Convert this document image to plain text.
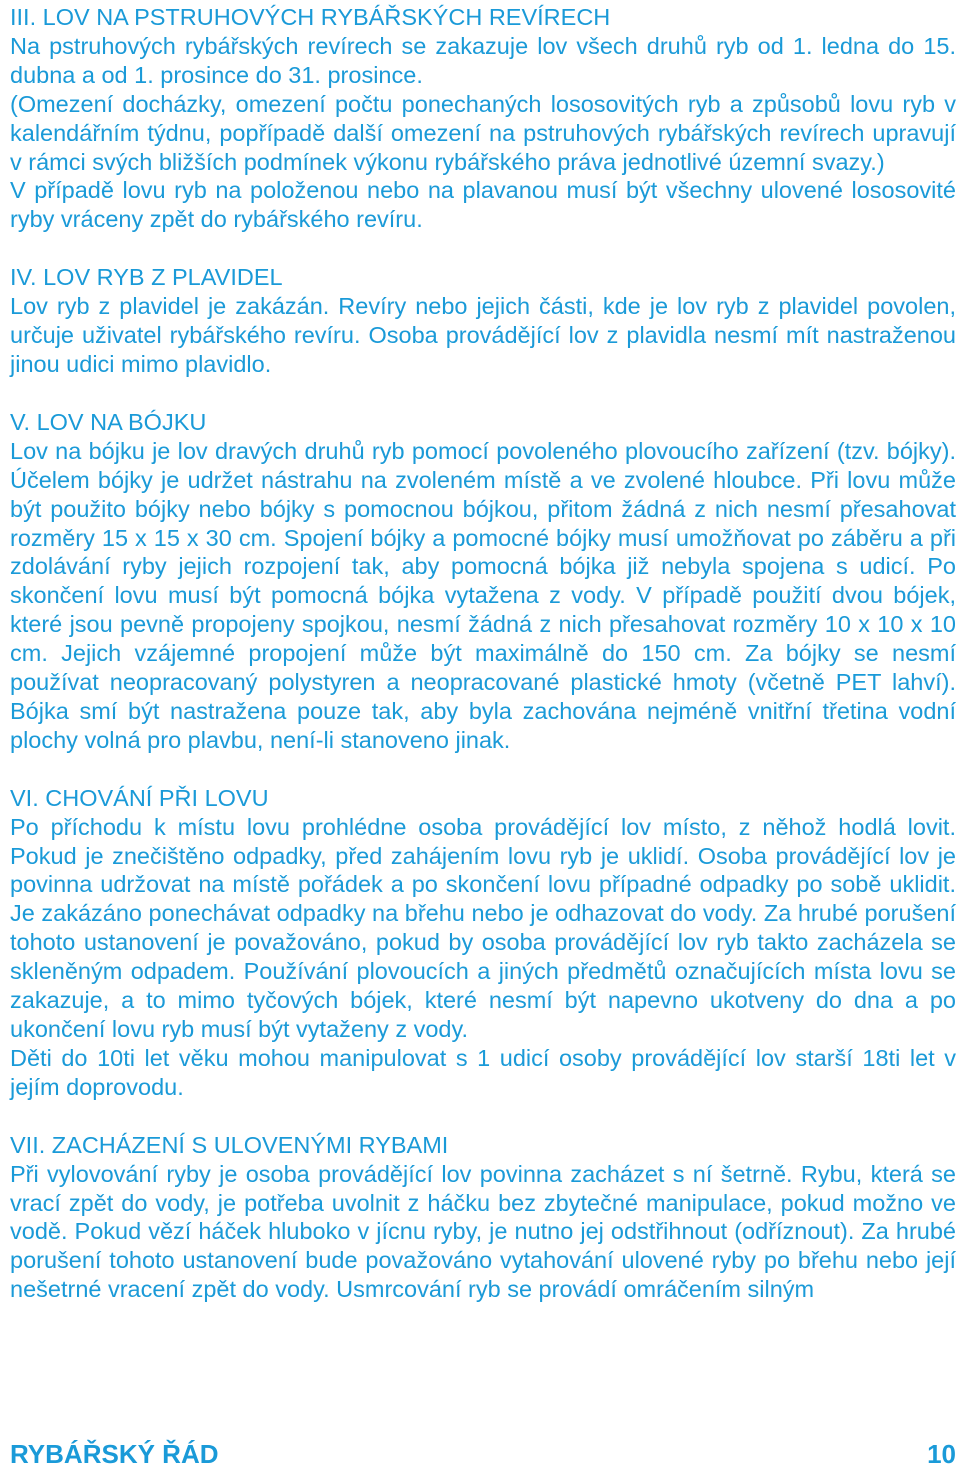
III. LOV NA PSTRUHOVÝCH RYBÁŘSKÝCH REVÍRECH

Na pstruhových rybářských revírech se zakazuje lov všech druhů ryb od 1. ledna do 15. dubna a od 1. prosince do 31. prosince.

(Omezení docházky, omezení počtu ponechaných lososovitých ryb a způsobů lovu ryb v kalendářním týdnu, popřípadě další omezení na pstruhových rybářských revírech upravují v rámci svých bližších podmínek výkonu rybářského práva jednotlivé územní svazy.)

V případě lovu ryb na položenou nebo na plavanou musí být všechny ulovené lososovité ryby vráceny zpět do rybářského revíru.

IV. LOV RYB Z PLAVIDEL

Lov ryb z plavidel je zakázán. Revíry nebo jejich části, kde je lov ryb z plavidel povolen, určuje uživatel rybářského revíru. Osoba provádějící lov z plavidla nesmí mít nastraženou jinou udici mimo plavidlo.

V. LOV NA BÓJKU

Lov na bójku je lov dravých druhů ryb pomocí povoleného plovoucího zařízení (tzv. bójky). Účelem bójky je udržet nástrahu na zvoleném místě a ve zvolené hloubce. Při lovu může být použito bójky nebo bójky s pomocnou bójkou, přitom žádná z nich nesmí přesahovat rozměry 15 x 15 x 30 cm. Spojení bójky a pomocné bójky musí umožňovat po záběru a při zdolávání ryby jejich rozpojení tak, aby pomocná bójka již nebyla spojena s udicí. Po skončení lovu musí být pomocná bójka vytažena z vody. V případě použití dvou bójek, které jsou pevně propojeny spojkou, nesmí žádná z nich přesahovat rozměry 10 x 10 x 10 cm. Jejich vzájemné propojení může být maximálně do 150 cm. Za bójky se nesmí používat neopracovaný polystyren a neopracované plastické hmoty (včetně PET lahví). Bójka smí být nastražena pouze tak, aby byla zachována nejméně vnitřní třetina vodní plochy volná pro plavbu, není-li stanoveno jinak.

VI. CHOVÁNÍ PŘI LOVU

Po příchodu k místu lovu prohlédne osoba provádějící lov místo, z něhož hodlá lovit. Pokud je znečištěno odpadky, před zahájením lovu ryb je uklidí. Osoba provádějící lov je povinna udržovat na místě pořádek a po skončení lovu případné odpadky po sobě uklidit. Je zakázáno ponechávat odpadky na břehu nebo je odhazovat do vody. Za hrubé porušení tohoto ustanovení je považováno, pokud by osoba provádějící lov ryb takto zacházela se skleněným odpadem. Používání plovoucích a jiných předmětů označujících místa lovu se zakazuje, a to mimo tyčových bójek, které nesmí být napevno ukotveny do dna a po ukončení lovu ryb musí být vytaženy z vody.

Děti do 10ti let věku mohou manipulovat s 1 udicí osoby provádějící lov starší 18ti let v jejím doprovodu.

VII. ZACHÁZENÍ S ULOVENÝMI RYBAMI

Při vylovování ryby je osoba provádějící lov povinna zacházet s ní šetrně. Rybu, která se vrací zpět do vody, je potřeba uvolnit z háčku bez zbytečné manipulace, pokud možno ve vodě. Pokud vězí háček hluboko v jícnu ryby, je nutno jej odstřihnout (odříznout). Za hrubé porušení tohoto ustanovení bude považováno vytahování ulovené ryby po břehu nebo její nešetrné vracení zpět do vody. Usmrcování ryb se provádí omráčením silným

RYBÁŘSKÝ ŘÁD	10
